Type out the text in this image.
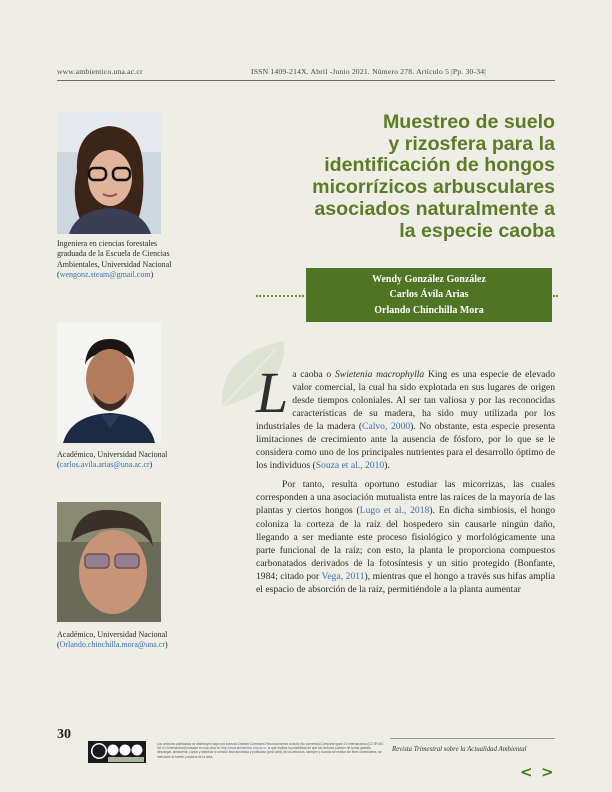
www.ambientico.una.ac.cr	ISSN 1409-214X. Abril -Junio 2021. Número 278. Artículo 5 |Pp. 30-34|
Muestreo de suelo
y rizosfera para la
identificación de hongos
micorrízicos arbusculares
asociados naturalmente a
la especie caoba
Wendy González González
Carlos Ávila Arias
Orlando Chinchilla Mora
Ingeniera en ciencias forestales graduada de la Escuela de Ciencias Ambientales, Universidad Nacional (wengonz.steam@gmail.com)
Académico, Universidad Nacional (carlos.avila.arias@una.ac.cr)
Académico, Universidad Nacional (Orlando.chinchilla.mora@una.cr)

La caoba o Swietenia macrophylla King es una especie de elevado valor comercial, la cual ha sido explotada en sus lugares de origen desde tiempos coloniales. Al ser tan valiosa y por las reconocidas características de su madera, ha sido muy utilizada por los industriales de la madera (Calvo, 2000). No obstante, esta especie presenta limitaciones de crecimiento ante la ausencia de fósforo, por lo que se le considera como uno de los principales nutrientes para el desarrollo óptimo de los individuos (Souza et al., 2010).

Por tanto, resulta oportuno estudiar las micorrizas, las cuales corresponden a una asociación mutualista entre las raíces de la mayoría de las plantas y ciertos hongos (Lugo et al., 2018). En dicha simbiosis, el hongo coloniza la corteza de la raíz del hospedero sin causarle ningún daño, llegando a ser mediante este proceso fisiológico y morfológicamente una parte funcional de la raíz; con esto, la planta le proporciona compuestos carbonatados derivados de la fotosíntesis y un sitio protegido (Bonfante, 1984; citado por Vega, 2011), mientras que el hongo a través sus hifas amplía el espacio de absorción de la raíz, permitiéndole a la planta aumentar

30
Los artículos publicados se distribuyen bajo una licencia Creative Commons Reconocimiento al autor-No comercial-Compartir igual 4.0 Internacional (CC BY-NC SA 4.0 Internacional) basada en una obra en http://www.ambientico.una.ac.cr, lo que implica la posibilidad de que los lectores puedan de forma gratuita descargar, almacenar, copiar y distribuir la versión final aprobada y publicada (post print) de los artículos, siempre y cuando se realice sin fines comerciales, se mencione la fuente y autoría de la obra.
Revista Trimestral sobre la Actualidad Ambiental
< >
